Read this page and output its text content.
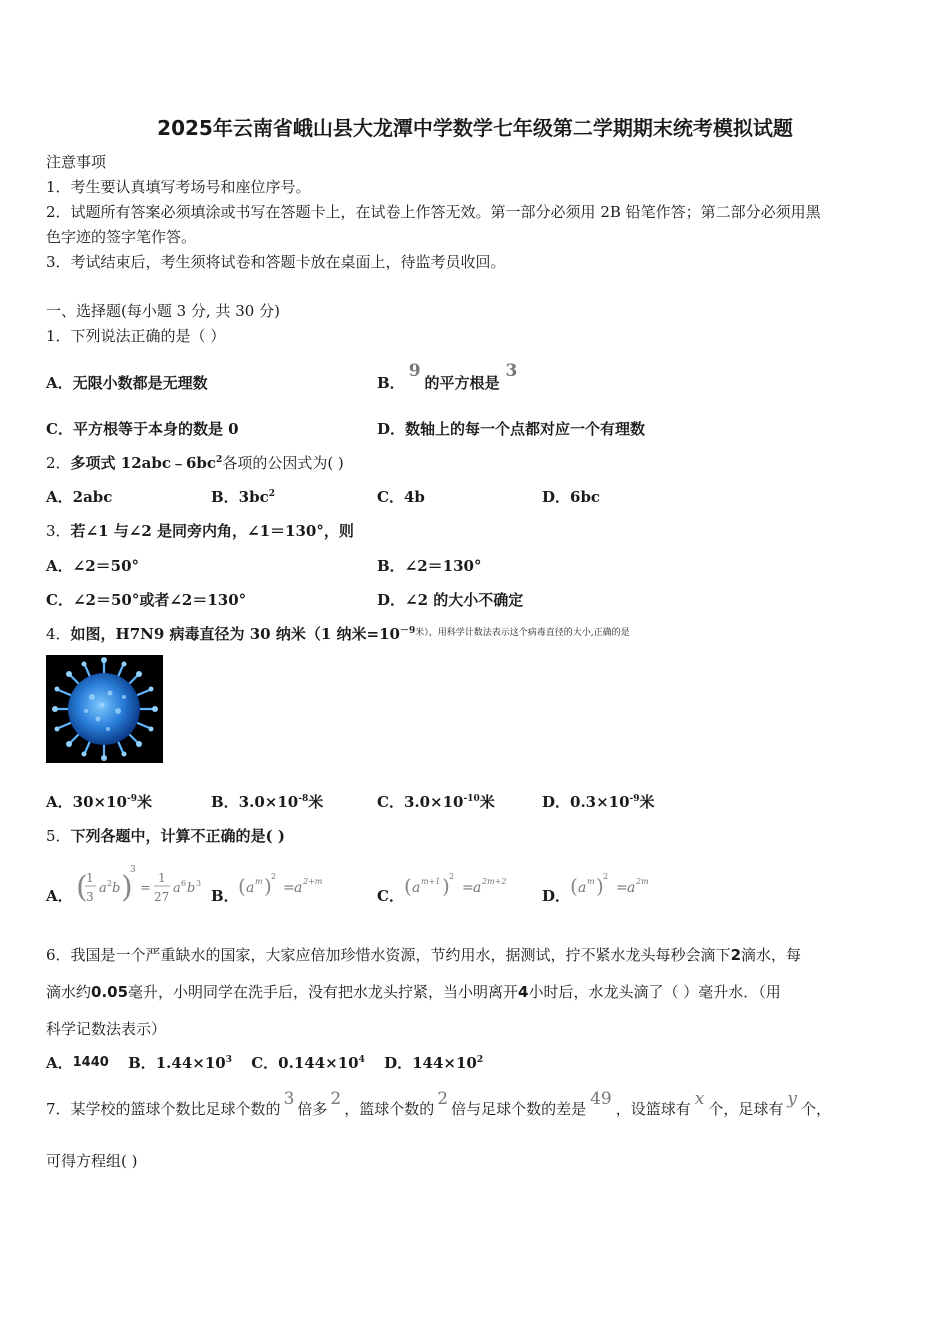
2025年云南省峨山县大龙潭中学数学七年级第二学期期末统考模拟试题
注意事项
1．考生要认真填写考场号和座位序号。
2．试题所有答案必须填涂或书写在答题卡上，在试卷上作答无效。第一部分必须用 2B 铅笔作答；第二部分必须用黑
色字迹的签字笔作答。
3．考试结束后，考生须将试卷和答题卡放在桌面上，待监考员收回。
一、选择题(每小题 3 分, 共 30 分)
1．下列说法正确的是（ ）
A．无限小数都是无理数	B．9的平方根是3
C．平方根等于本身的数是 0	D．数轴上的每一个点都对应一个有理数
2．多项式 $12abc﹣6bc^2$各项的公因式为( )
A．2abc	B．$3bc^2$	C．4b	D．6bc
3．若∠1 与∠2 是同旁内角，∠1＝130°，则
A．∠2＝50°	B．∠2＝130°
C．∠2＝50°或者∠2＝130°	D．∠2 的大小不确定
4．如图，H7N9 病毒直径为 30 纳米（1 纳米$=10^{-9米),用科学计数法表示这个病毒直径的大小,正确的是}$
A．$30\times 10^{-9}$米	B．$3.0\times 10^{-8}$米	C．$3.0\times 10^{-10}$米	D．$0.3\times 10^{-9}$米
5．下列各题中，计算不正确的是( )
A． (
1
3
a 2 b )
3
=
1
27
a 6 b 3
B． ( a m ) 2
= a 2+m
C． ( a m+1 ) 2
= a 2m+2
D． ( a m ) 2
= a 2m
6．我国是一个严重缺水的国家，大家应倍加珍惜水资源，节约用水，据测试，拧不紧水龙头每秒会滴下2滴水，每
滴水约0.05毫升，小明同学在洗手后，没有把水龙头拧紧，当小明离开4小时后，水龙头滴了（ ）毫升水．（用
科学记数法表示）
A．1440 B．$1.44\times 10^3$ C．$0.144\times 10^4$ D．$144\times 10^2$
7．某学校的篮球个数比足球个数的 3 倍多 2 ，篮球个数的 2 倍与足球个数的差是 49 ，设篮球有 x 个，足球有 y 个，
可得方程组( )
